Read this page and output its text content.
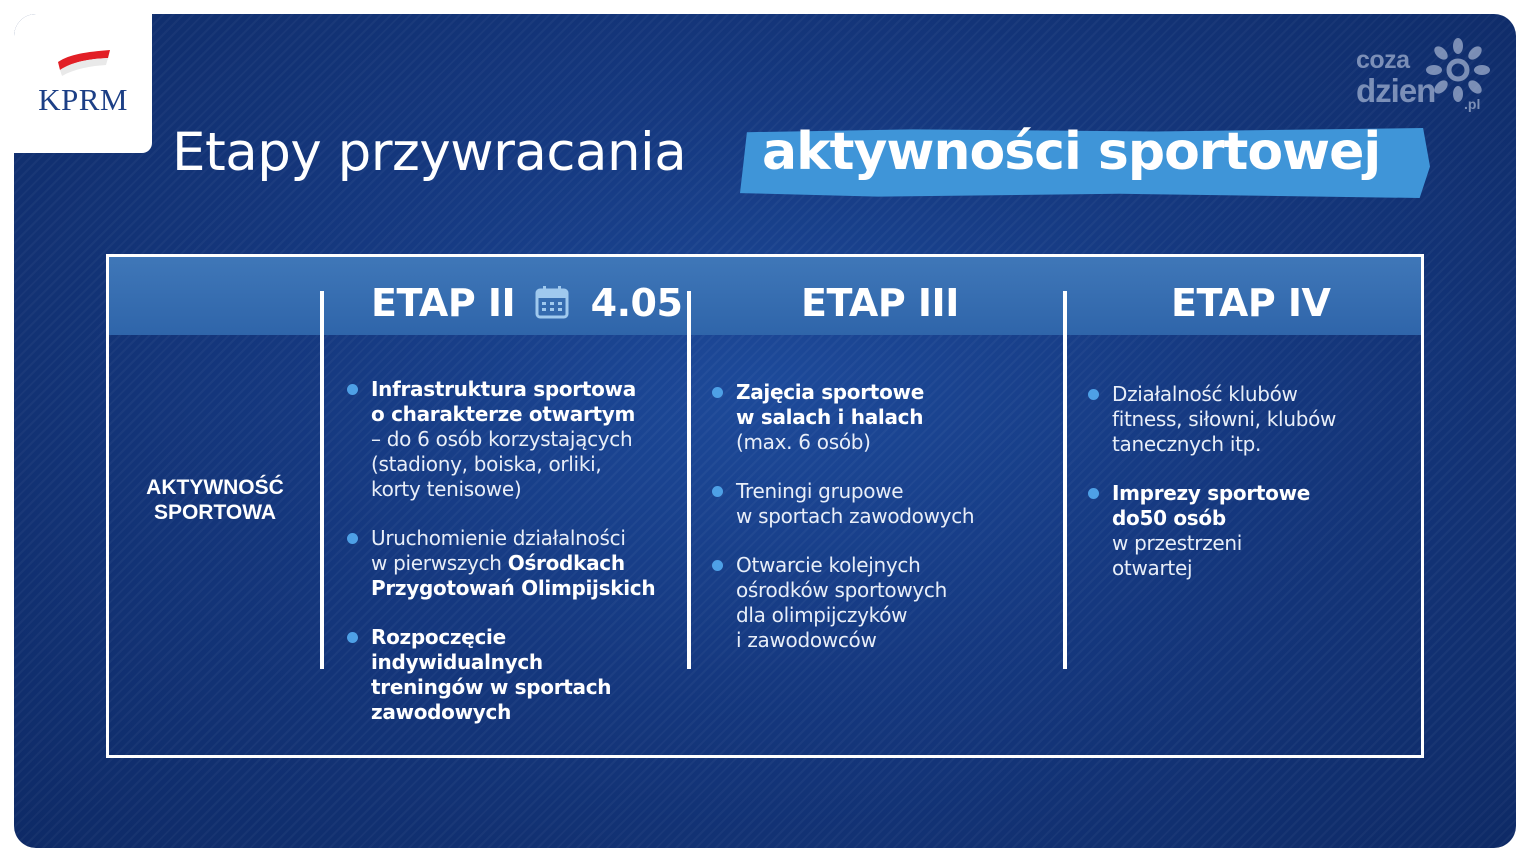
KPRM
coza
dzien .pl
Etapy przywracania aktywności sportowej
ETAP II 4.05	ETAP III	ETAP IV
AKTYWNOŚĆ
SPORTOWA
Infrastruktura sportowa
o charakterze otwartym
– do 6 osób korzystających
(stadiony, boiska, orliki,
korty tenisowe)
Uruchomienie działalności
w pierwszych Ośrodkach
Przygotowań Olimpijskich
Rozpoczęcie
indywidualnych
treningów w sportach
zawodowych
Zajęcia sportowe
w salach i halach
(max. 6 osób)
Treningi grupowe
w sportach zawodowych
Otwarcie kolejnych
ośrodków sportowych
dla olimpijczyków
i zawodowców
Działalność klubów
fitness, siłowni, klubów
tanecznych itp.
Imprezy sportowe
do50 osób
w przestrzeni
otwartej
